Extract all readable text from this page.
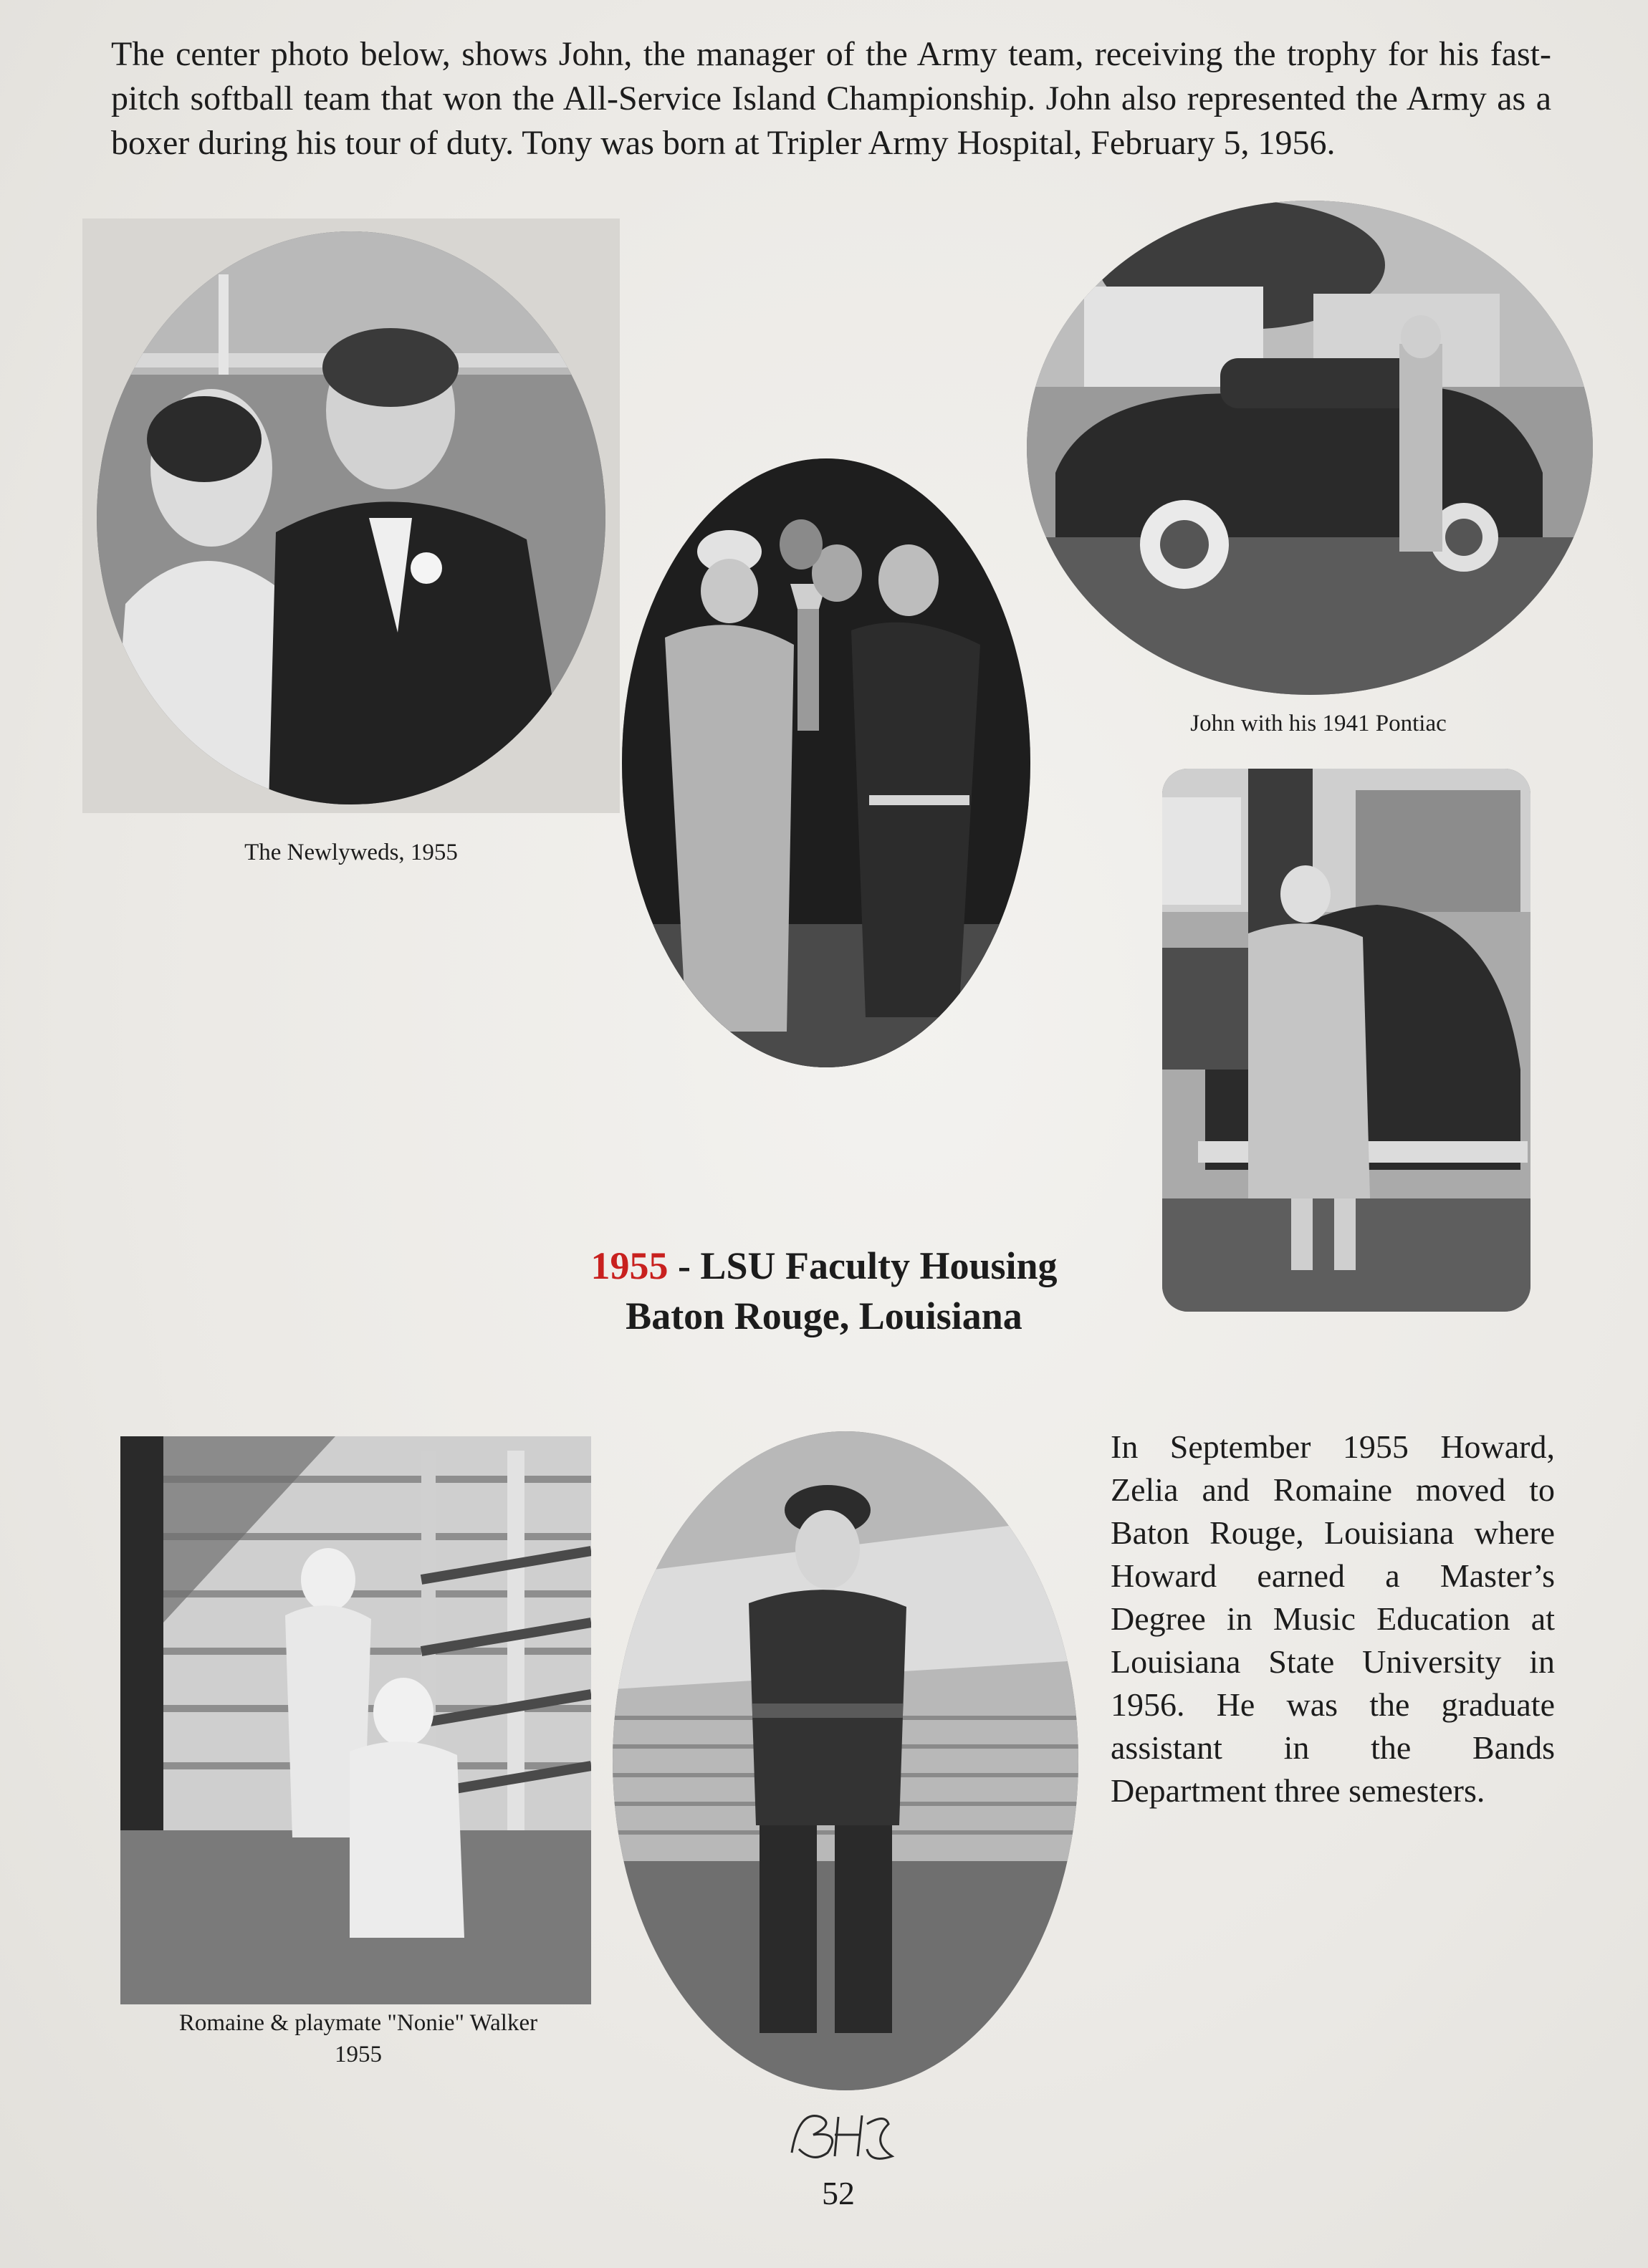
The center photo below, shows John, the manager of the Army team, receiving the trophy for his fast-pitch softball team that won the All-Service Island Championship. John also represented the Army as a boxer during his tour of duty. Tony was born at Tripler Army Hospital, February 5, 1956.

The Newlyweds, 1955

John with his 1941 Pontiac

1955 - LSU Faculty Housing
Baton Rouge, Louisiana

Romaine & playmate "Nonie" Walker
1955

In September 1955 Howard, Zelia and Romaine moved to Baton Rouge, Louisiana where Howard earned a Master’s Degree in Music Education at Louisiana State University in 1956. He was the graduate assistant in the Bands Department three semesters.

52
